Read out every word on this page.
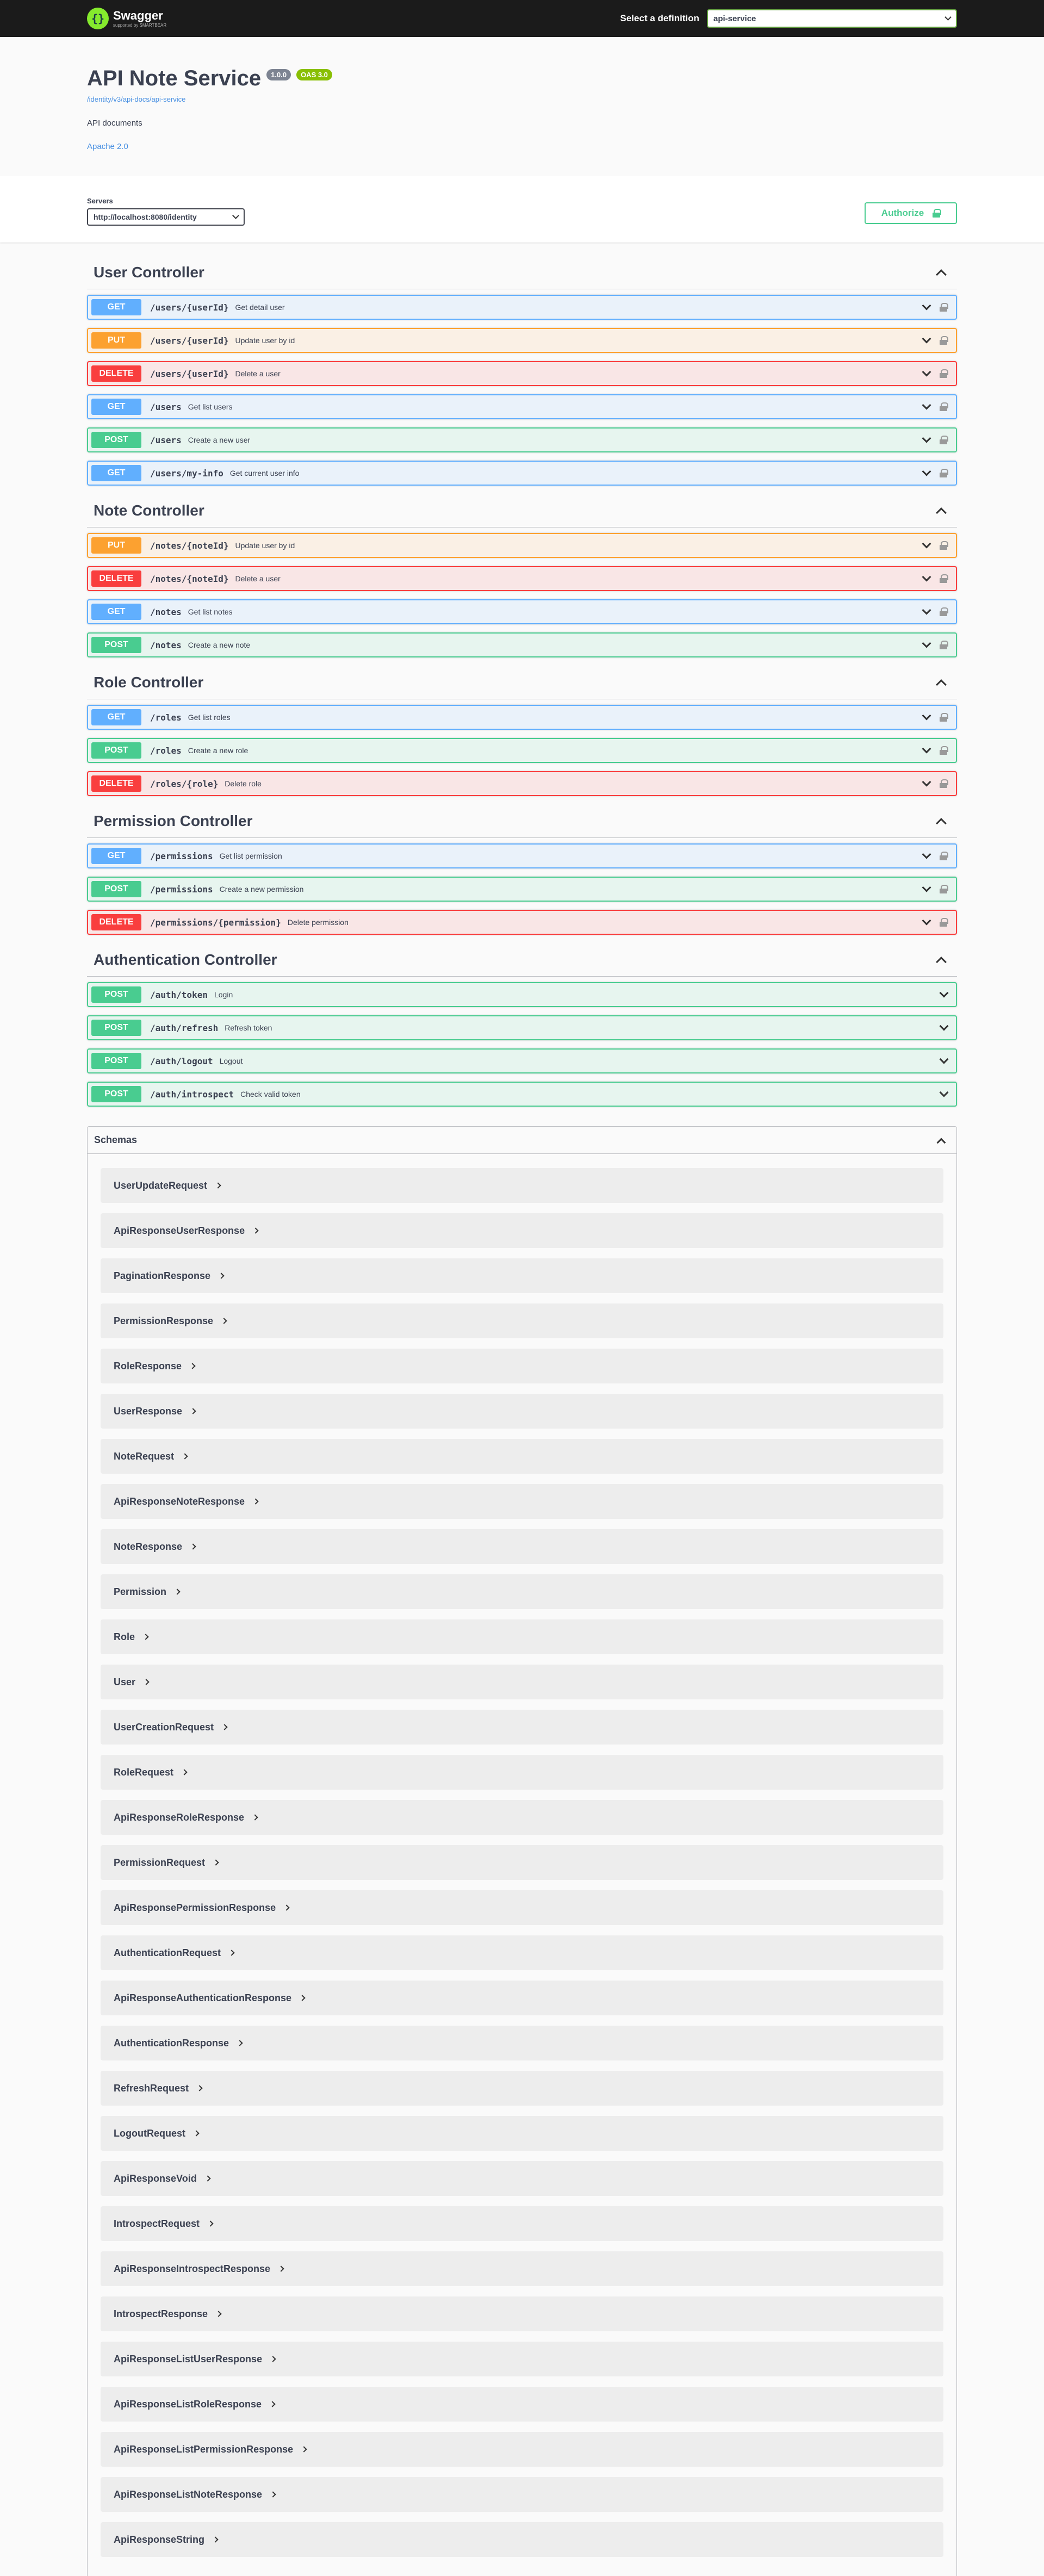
{} Swagger
supported by SMARTBEAR
Select a definition api-service
API Note Service	1.0.0	OAS 3.0
/identity/v3/api-docs/api-service
API documents
Apache 2.0
Servers
http://localhost:8080/identity	Authorize
User Controller
GET	/users/{userId} Get detail user
PUT	/users/{userId} Update user by id
DELETE	/users/{userId} Delete a user
GET	/users Get list users
POST	/users Create a new user
GET	/users/my-info Get current user info
Note Controller
PUT	/notes/{noteId} Update user by id
DELETE	/notes/{noteId} Delete a user
GET	/notes Get list notes
POST	/notes Create a new note
Role Controller
GET	/roles Get list roles
POST	/roles Create a new role
DELETE	/roles/{role} Delete role
Permission Controller
GET	/permissions Get list permission
POST	/permissions Create a new permission
DELETE	/permissions/{permission} Delete permission
Authentication Controller
POST	/auth/token Login
POST	/auth/refresh Refresh token
POST	/auth/logout Logout
POST	/auth/introspect Check valid token
Schemas
UserUpdateRequest
ApiResponseUserResponse
PaginationResponse
PermissionResponse
RoleResponse
UserResponse
NoteRequest
ApiResponseNoteResponse
NoteResponse
Permission
Role
User
UserCreationRequest
RoleRequest
ApiResponseRoleResponse
PermissionRequest
ApiResponsePermissionResponse
AuthenticationRequest
ApiResponseAuthenticationResponse
AuthenticationResponse
RefreshRequest
LogoutRequest
ApiResponseVoid
IntrospectRequest
ApiResponseIntrospectResponse
IntrospectResponse
ApiResponseListUserResponse
ApiResponseListRoleResponse
ApiResponseListPermissionResponse
ApiResponseListNoteResponse
ApiResponseString
